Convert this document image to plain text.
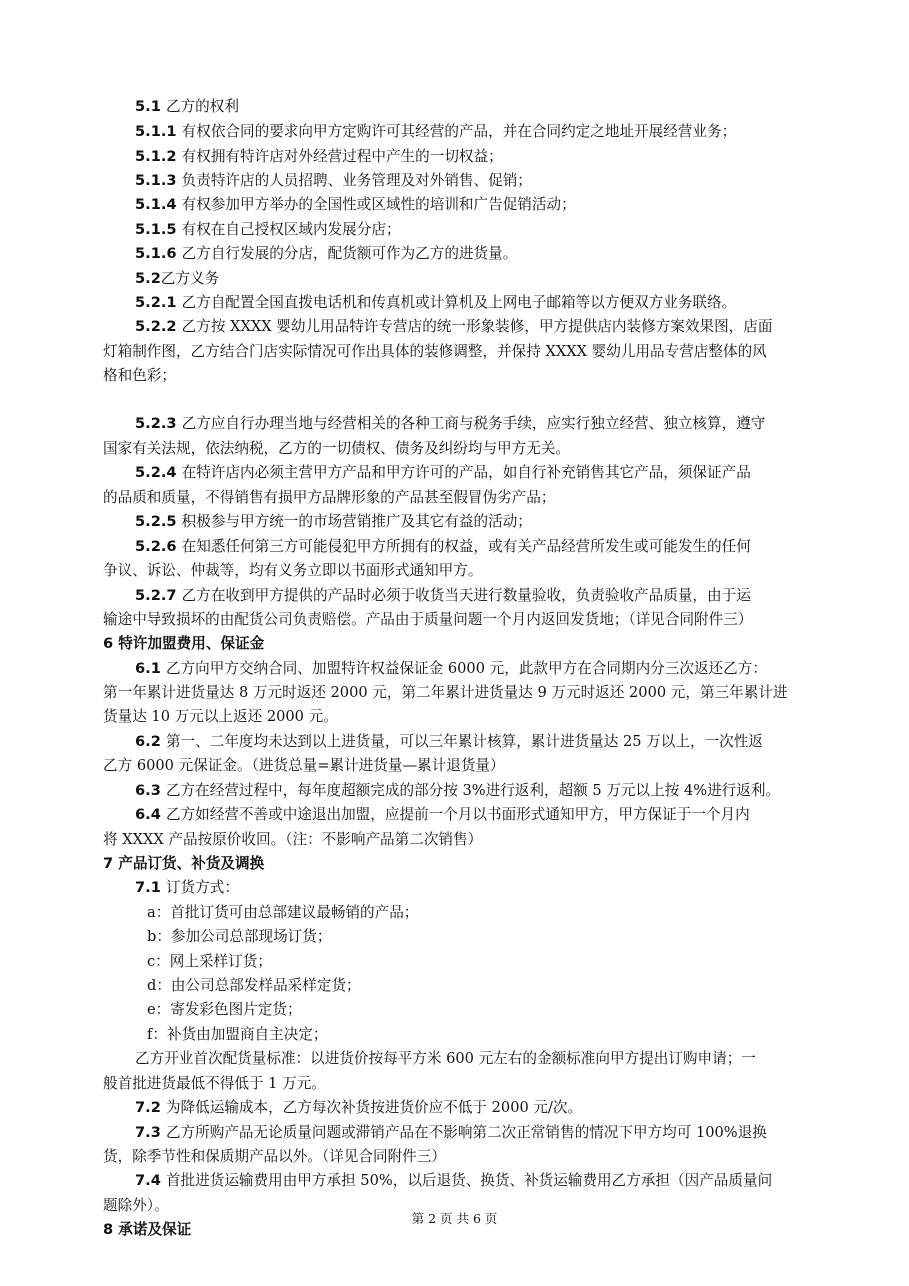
5.1 乙方的权利
5.1.1 有权依合同的要求向甲方定购许可其经营的产品，并在合同约定之地址开展经营业务；
5.1.2 有权拥有特许店对外经营过程中产生的一切权益；
5.1.3 负责特许店的人员招聘、业务管理及对外销售、促销；
5.1.4 有权参加甲方举办的全国性或区域性的培训和广告促销活动；
5.1.5 有权在自己授权区域内发展分店；
5.1.6 乙方自行发展的分店，配货额可作为乙方的进货量。
5.2乙方义务
5.2.1 乙方自配置全国直拨电话机和传真机或计算机及上网电子邮箱等以方便双方业务联络。
5.2.2 乙方按 XXXX 婴幼儿用品特许专营店的统一形象装修，甲方提供店内装修方案效果图，店面
灯箱制作图，乙方结合门店实际情况可作出具体的装修调整，并保持 XXXX 婴幼儿用品专营店整体的风
格和色彩；
5.2.3 乙方应自行办理当地与经营相关的各种工商与税务手续，应实行独立经营、独立核算，遵守
国家有关法规，依法纳税，乙方的一切债权、债务及纠纷均与甲方无关。
5.2.4 在特许店内必须主营甲方产品和甲方许可的产品，如自行补充销售其它产品，须保证产品
的品质和质量，不得销售有损甲方品牌形象的产品甚至假冒伪劣产品；
5.2.5 积极参与甲方统一的市场营销推广及其它有益的活动；
5.2.6 在知悉任何第三方可能侵犯甲方所拥有的权益，或有关产品经营所发生或可能发生的任何
争议、诉讼、仲裁等，均有义务立即以书面形式通知甲方。
5.2.7 乙方在收到甲方提供的产品时必须于收货当天进行数量验收，负责验收产品质量，由于运
输途中导致损坏的由配货公司负责赔偿。产品由于质量问题一个月内返回发货地；（详见合同附件三）
6 特许加盟费用、保证金
6.1 乙方向甲方交纳合同、加盟特许权益保证金 6000 元，此款甲方在合同期内分三次返还乙方：
第一年累计进货量达 8 万元时返还 2000 元，第二年累计进货量达 9 万元时返还 2000 元，第三年累计进
货量达 10 万元以上返还 2000 元。
6.2 第一、二年度均未达到以上进货量，可以三年累计核算，累计进货量达 25 万以上，一次性返
乙方 6000 元保证金。（进货总量=累计进货量—累计退货量）
6.3 乙方在经营过程中，每年度超额完成的部分按 3%进行返利，超额 5 万元以上按 4%进行返利。
6.4 乙方如经营不善或中途退出加盟，应提前一个月以书面形式通知甲方，甲方保证于一个月内
将 XXXX 产品按原价收回。（注：不影响产品第二次销售）
7 产品订货、补货及调换
7.1 订货方式：
a：首批订货可由总部建议最畅销的产品；
b：参加公司总部现场订货；
c：网上采样订货；
d：由公司总部发样品采样定货；
e：寄发彩色图片定货；
f：补货由加盟商自主决定；
乙方开业首次配货量标准：以进货价按每平方米 600 元左右的金额标准向甲方提出订购申请；一
般首批进货最低不得低于 1 万元。
7.2 为降低运输成本，乙方每次补货按进货价应不低于 2000 元/次。
7.3 乙方所购产品无论质量问题或滞销产品在不影响第二次正常销售的情况下甲方均可 100%退换
货，除季节性和保质期产品以外。（详见合同附件三）
7.4 首批进货运输费用由甲方承担 50%，以后退货、换货、补货运输费用乙方承担（因产品质量问
题除外）。
8 承诺及保证
第 2 页 共 6 页
